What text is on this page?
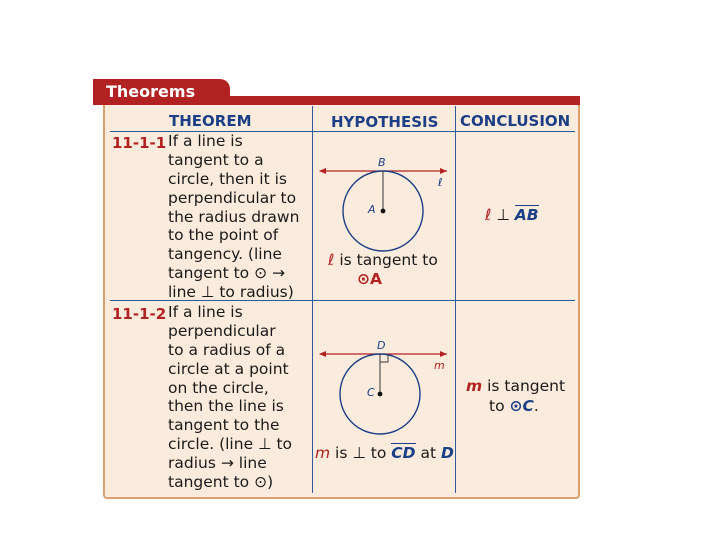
Theorems
THEOREM	HYPOTHESIS CONCLUSION
11-1-1 If a line is
tangent to a
circle, then it is
perpendicular to
the radius drawn
to the point of
tangency. (line
tangent to ⊙ →
line ⊥ to radius)
B
ℓ
A
ℓ is tangent to
⊙A
ℓ ⊥ AB
11-1-2 If a line is
perpendicular
to a radius of a
circle at a point
on the circle,
then the line is
tangent to the
circle. (line ⊥ to
radius → line
tangent to ⊙)
D
m
C
m is ⊥ to CD at D
m is tangent
to ⊙C.
